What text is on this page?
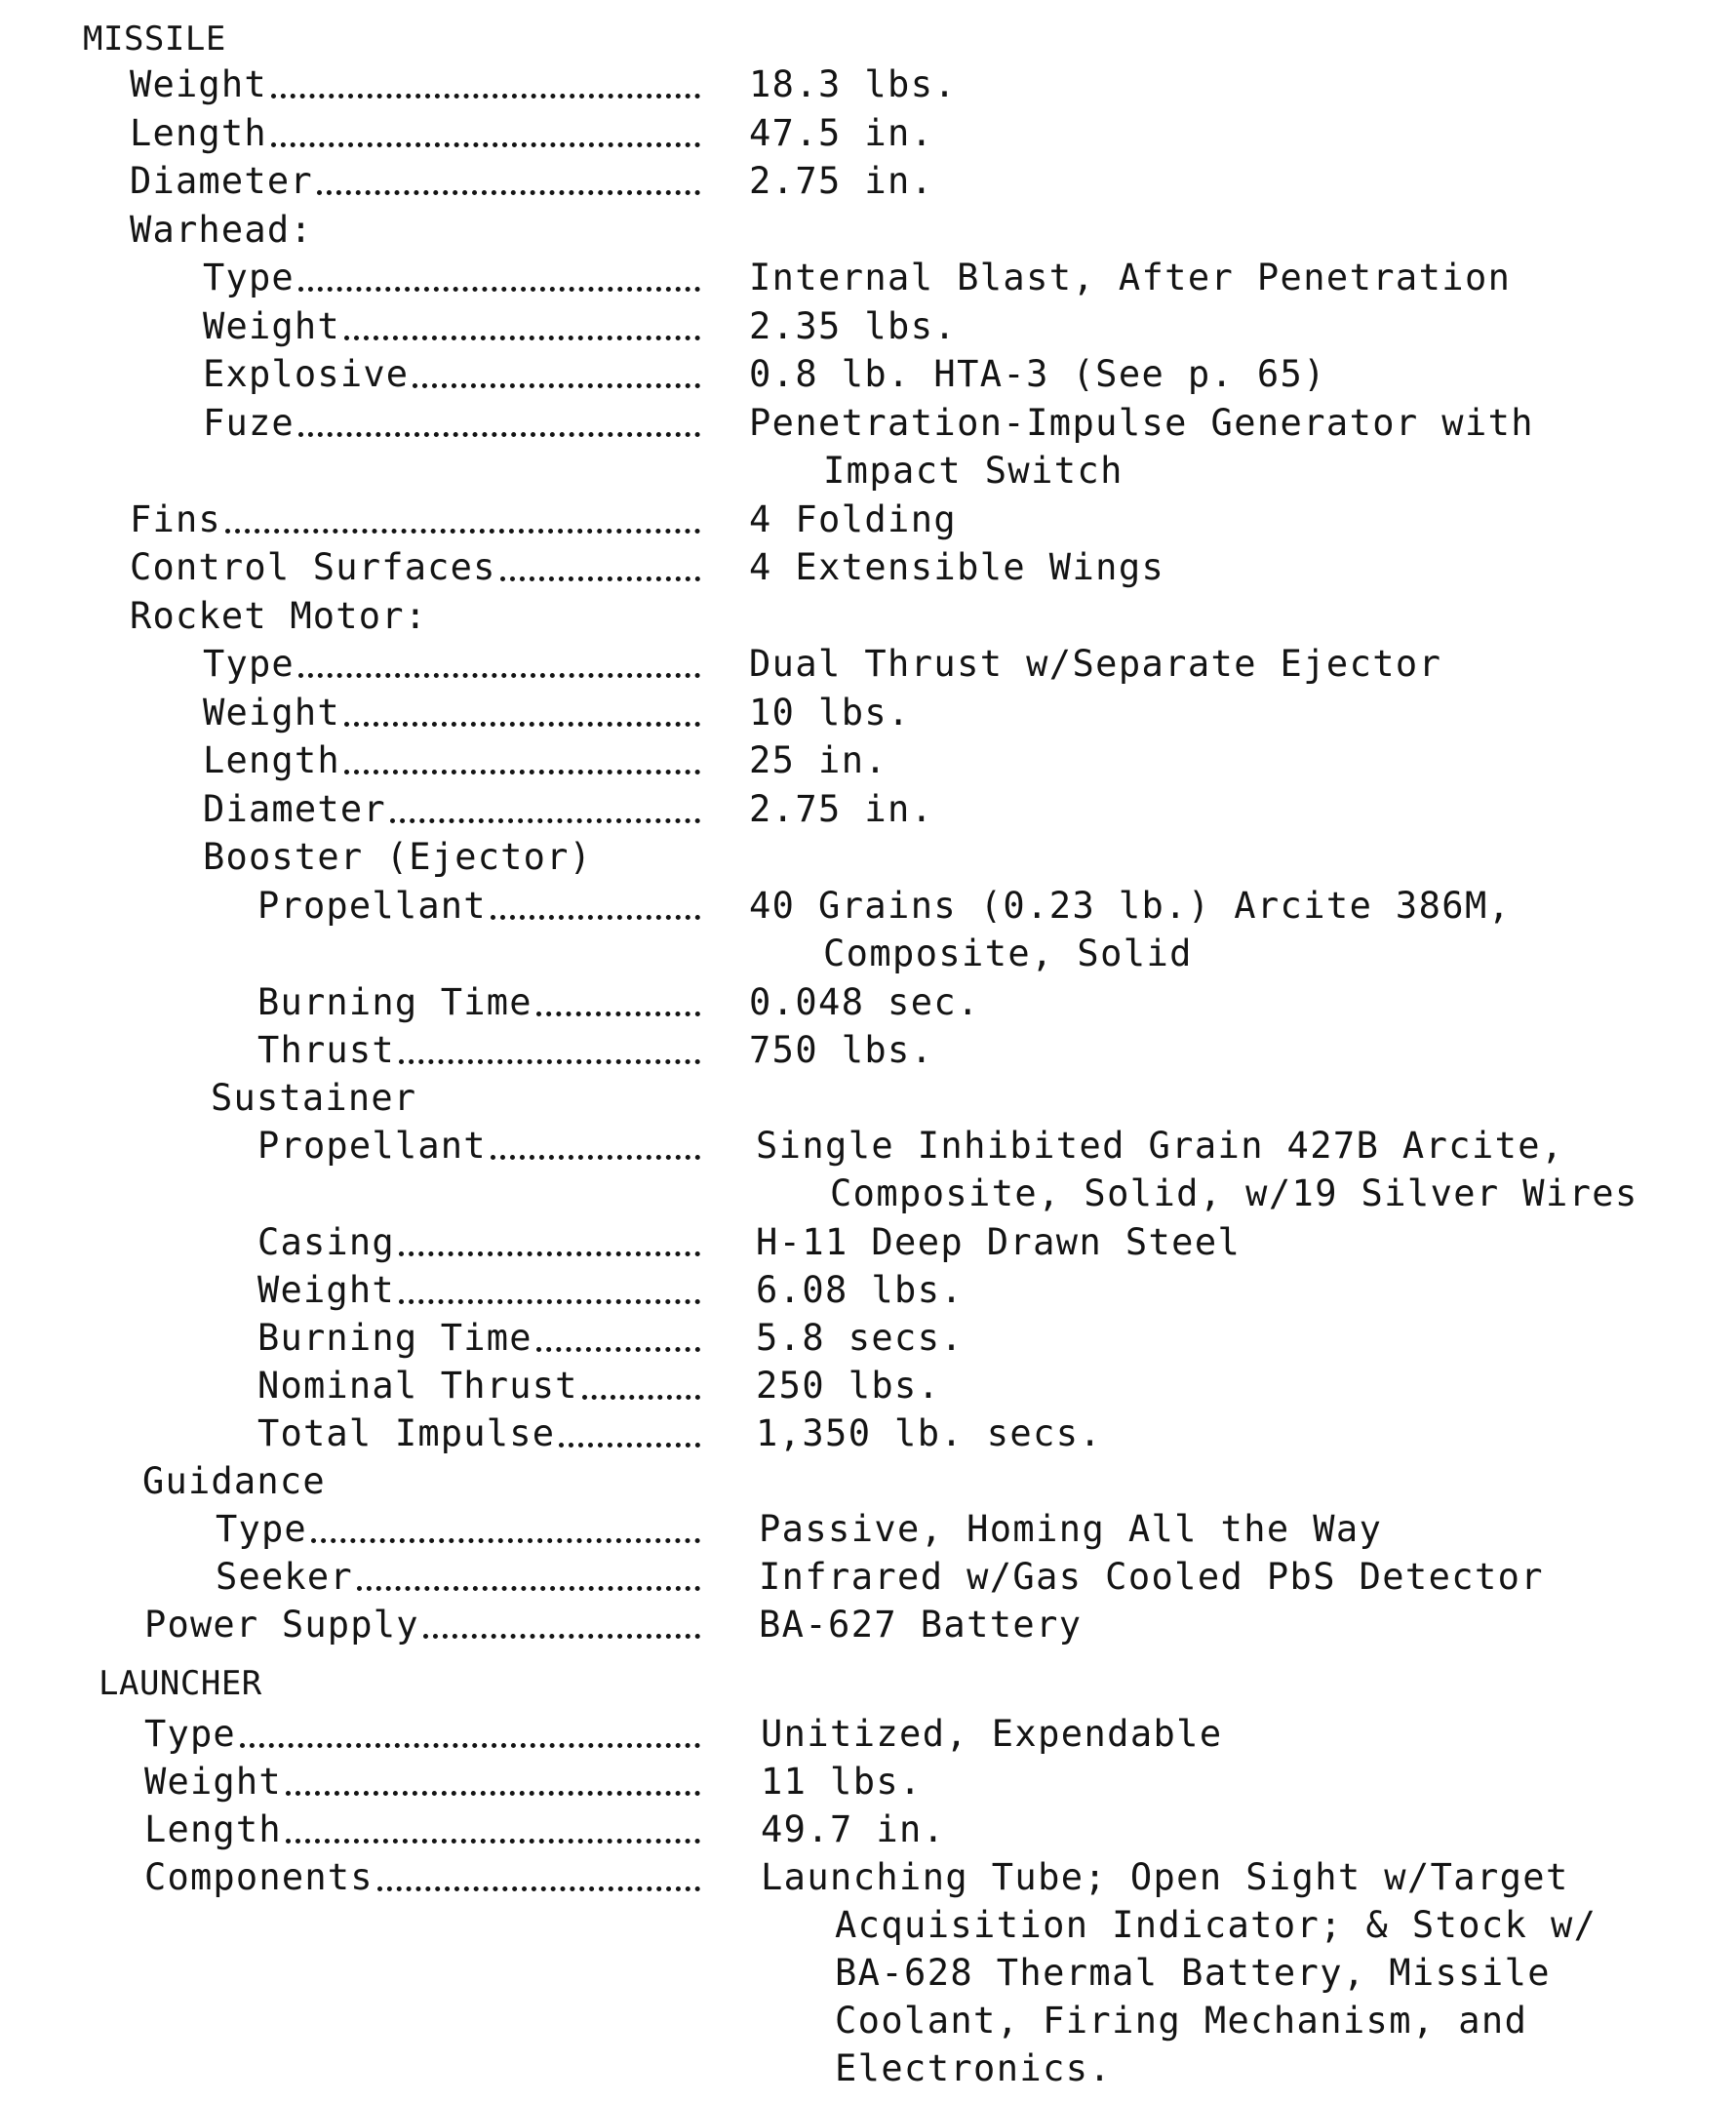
MISSILE
Weight	18.3 lbs.
Length	47.5 in.
Diameter	2.75 in.
Warhead:
Type	Internal Blast, After Penetration
Weight	2.35 lbs.
Explosive	0.8 lb. HTA-3 (See p. 65)
Fuze	Penetration-Impulse Generator with
Impact Switch
Fins	4 Folding
Control Surfaces	4 Extensible Wings
Rocket Motor:
Type	Dual Thrust w/Separate Ejector
Weight	10 lbs.
Length	25 in.
Diameter	2.75 in.
Booster (Ejector)
Propellant	40 Grains (0.23 lb.) Arcite 386M,
Composite, Solid
Burning Time	0.048 sec.
Thrust	750 lbs.
Sustainer
Propellant	Single Inhibited Grain 427B Arcite,
Composite, Solid, w/19 Silver Wires
Casing	H-11 Deep Drawn Steel
Weight	6.08 lbs.
Burning Time	5.8 secs.
Nominal Thrust	250 lbs.
Total Impulse	1,350 lb. secs.
Guidance
Type	Passive, Homing All the Way
Seeker	Infrared w/Gas Cooled PbS Detector
Power Supply	BA-627 Battery
LAUNCHER
Type	Unitized, Expendable
Weight	11 lbs.
Length	49.7 in.
Components	Launching Tube; Open Sight w/Target
Acquisition Indicator; & Stock w/
BA-628 Thermal Battery, Missile
Coolant, Firing Mechanism, and
Electronics.
